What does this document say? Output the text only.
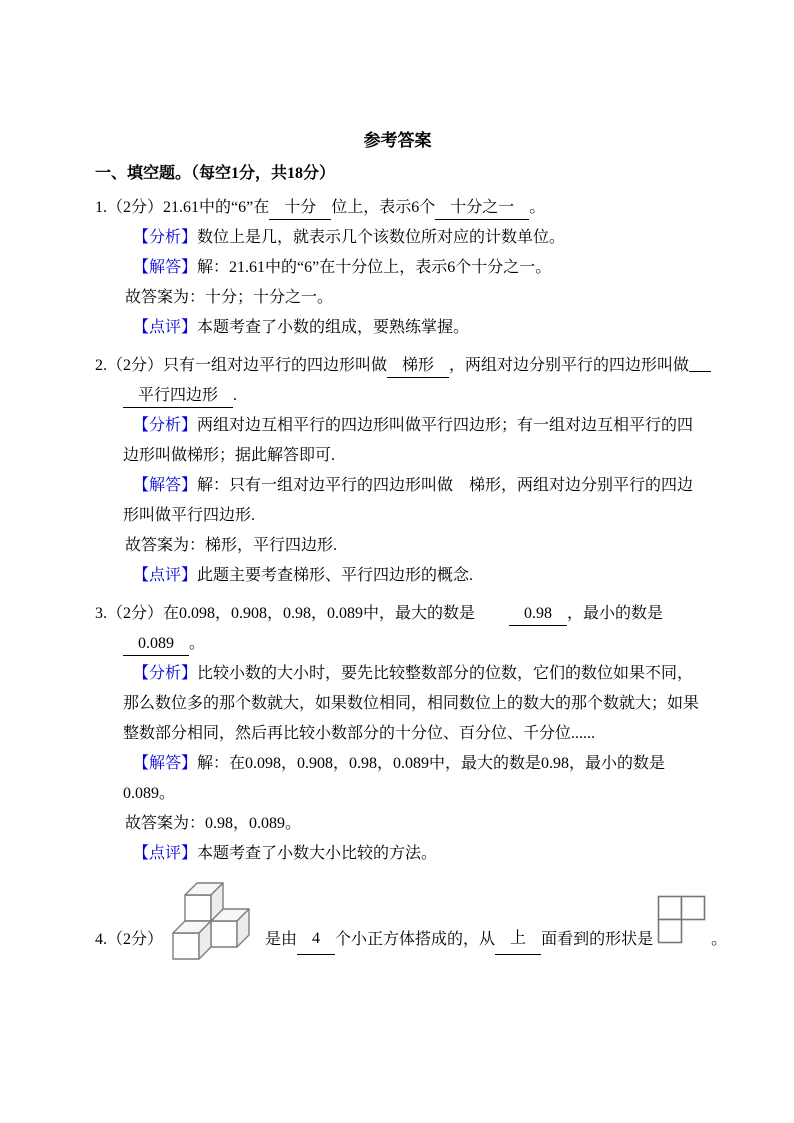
参考答案
一、填空题。（每空1分，共18分）
1.（2分）21.61中的“6”在 十分 位上，表示6个 十分之一 。
【分析】数位上是几，就表示几个该数位所对应的计数单位。
【解答】解：21.61中的“6”在十分位上，表示6个十分之一。
故答案为：十分；十分之一。
【点评】本题考查了小数的组成，要熟练掌握。
2.（2分）只有一组对边平行的四边形叫做 梯形 ，两组对边分别平行的四边形叫做
平行四边形 .
【分析】两组对边互相平行的四边形叫做平行四边形；有一组对边互相平行的四边形叫做梯形；据此解答即可.
【解答】解：只有一组对边平行的四边形叫做　梯形，两组对边分别平行的四边形叫做平行四边形.
故答案为：梯形，平行四边形.
【点评】此题主要考查梯形、平行四边形的概念.
3.（2分）在0.098，0.908，0.98，0.089中，最大的数是	0.98 ，最小的数是
0.089 。
【分析】比较小数的大小时，要先比较整数部分的位数，它们的数位如果不同，那么数位多的那个数就大，如果数位相同，相同数位上的数大的那个数就大；如果整数部分相同，然后再比较小数部分的十分位、百分位、千分位......
【解答】解：在0.098，0.908，0.98，0.089中，最大的数是0.98，最小的数是0.089。
故答案为：0.98，0.089。
【点评】本题考查了小数大小比较的方法。
4.（2分）	是由 4 个小正方体搭成的，从 上 面看到的形状是	。
